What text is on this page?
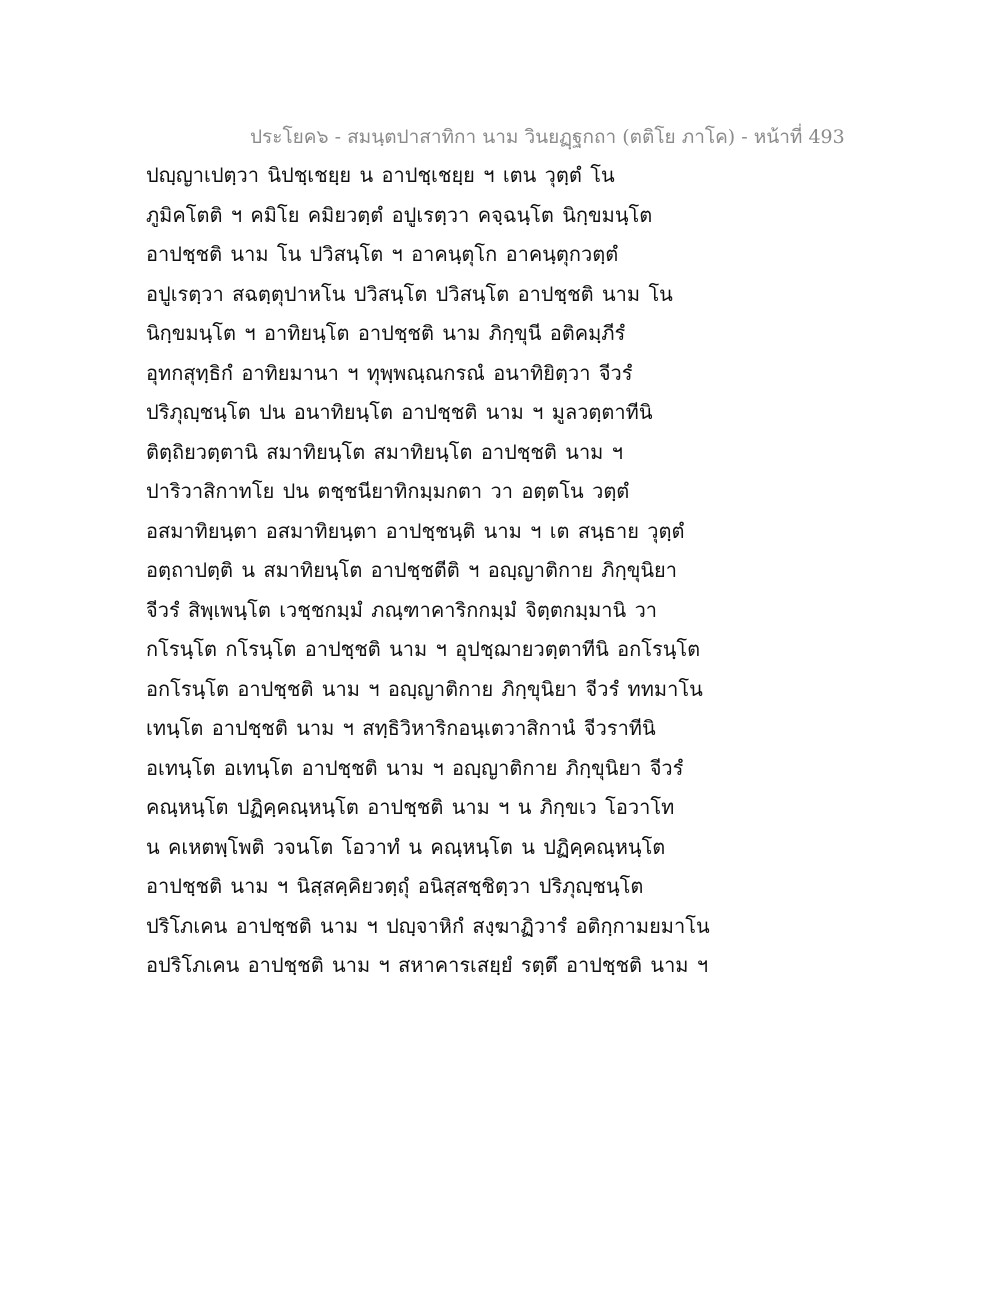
ประโยค๖ - สมนฺตปาสาทิกา นาม วินยฏฺฐกถา (ตติโย ภาโค) - หน้าที่ 493
ปญฺญาเปตฺวา นิปชฺเชยฺย น อาปชฺเชยฺย ฯ เตน วุตฺตํ โน
ภูมิคโตติ ฯ คมิโย คมิยวตฺตํ อปูเรตฺวา คจฺฉนฺโต นิกฺขมนฺโต
อาปชฺชติ นาม โน ปวิสนฺโต ฯ อาคนฺตุโก อาคนฺตุกวตฺตํ
อปูเรตฺวา สฉตฺตุปาหโน ปวิสนฺโต ปวิสนฺโต อาปชฺชติ นาม โน
นิกฺขมนฺโต ฯ อาทิยนฺโต อาปชฺชติ นาม ภิกฺขุนี อติคมฺภีรํ
อุทกสุทฺธิกํ อาทิยมานา ฯ ทุพฺพณฺณกรณํ อนาทิยิตฺวา จีวรํ
ปริภุญฺชนฺโต ปน อนาทิยนฺโต อาปชฺชติ นาม ฯ มูลวตฺตาทีนิ
ติตฺถิยวตฺตานิ สมาทิยนฺโต สมาทิยนฺโต อาปชฺชติ นาม ฯ
ปาริวาสิกาทโย ปน ตชฺชนียาทิกมฺมกตา วา อตฺตโน วตฺตํ
อสมาทิยนฺตา อสมาทิยนฺตา อาปชฺชนฺติ นาม ฯ เต สนฺธาย วุตฺตํ
อตฺถาปตฺติ น สมาทิยนฺโต อาปชฺชตีติ ฯ อญฺญาติกาย ภิกฺขุนิยา
จีวรํ สิพฺเพนฺโต เวชฺชกมฺมํ ภณฺฑาคาริกกมฺมํ จิตฺตกมฺมานิ วา
กโรนฺโต กโรนฺโต อาปชฺชติ นาม ฯ อุปชฺฌายวตฺตาทีนิ อกโรนฺโต
อกโรนฺโต อาปชฺชติ นาม ฯ อญฺญาติกาย ภิกฺขุนิยา จีวรํ ททมาโน
เทนฺโต อาปชฺชติ นาม ฯ สทฺธิวิหาริกอนฺเตวาสิกานํ จีวราทีนิ
อเทนฺโต อเทนฺโต อาปชฺชติ นาม ฯ อญฺญาติกาย ภิกฺขุนิยา จีวรํ
คณฺหนฺโต ปฏิคฺคณฺหนฺโต อาปชฺชติ นาม ฯ น ภิกฺขเว โอวาโท
น คเหตพฺโพติ วจนโต โอวาทํ น คณฺหนฺโต น ปฏิคฺคณฺหนฺโต
อาปชฺชติ นาม ฯ นิสฺสคฺคิยวตฺถุํ อนิสฺสชฺชิตฺวา ปริภุญฺชนฺโต
ปริโภเคน อาปชฺชติ นาม ฯ ปญฺจาหิกํ สงฺฆาฏิวารํ อติกฺกามยมาโน
อปริโภเคน อาปชฺชติ นาม ฯ สหาคารเสยฺยํ รตฺตึ อาปชฺชติ นาม ฯ
